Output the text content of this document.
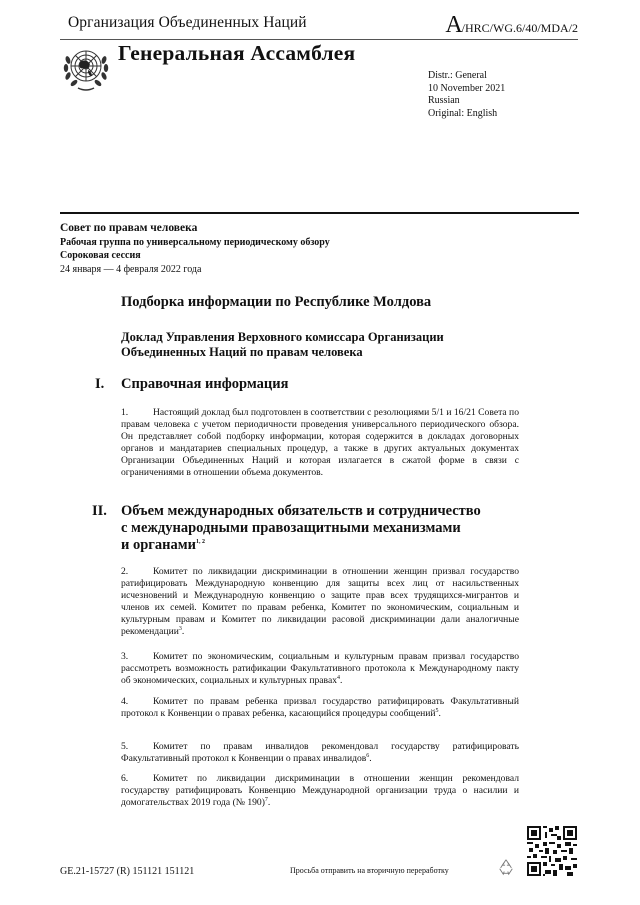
Организация Объединенных Наций	A/HRC/WG.6/40/MDA/2
Генеральная Ассамблея
Distr.: General
10 November 2021
Russian
Original: English
Совет по правам человека
Рабочая группа по универсальному периодическому обзору
Сороковая сессия
24 января — 4 февраля 2022 года
Подборка информации по Республике Молдова
Доклад Управления Верховного комиссара Организации
Объединенных Наций по правам человека
I. Справочная информация
1.	Настоящий доклад был подготовлен в соответствии с резолюциями 5/1 и 16/21 Совета по правам человека с учетом периодичности проведения универсального периодического обзора. Он представляет собой подборку информации, которая содержится в докладах договорных органов и мандатариев специальных процедур, а также в других актуальных документах Организации Объединенных Наций и которая излагается в сжатой форме в связи с ограничениями в отношении объема документов.
II. Объем международных обязательств и сотрудничество
с международными правозащитными механизмами
и органами$^{1, 2}$
2.	Комитет по ликвидации дискриминации в отношении женщин призвал государство ратифицировать Международную конвенцию для защиты всех лиц от насильственных исчезновений и Международную конвенцию о защите прав всех трудящихся-мигрантов и членов их семей. Комитет по правам ребенка, Комитет по экономическим, социальным и культурным правам и Комитет по ликвидации расовой дискриминации дали аналогичные рекомендации$^3$.
3.	Комитет по экономическим, социальным и культурным правам призвал государство рассмотреть возможность ратификации Факультативного протокола к Международному пакту об экономических, социальных и культурных правах$^4$.
4.	Комитет по правам ребенка призвал государство ратифицировать Факультативный протокол к Конвенции о правах ребенка, касающийся процедуры сообщений$^5$.
5.	Комитет по правам инвалидов рекомендовал государству ратифицировать Факультативный протокол к Конвенции о правах инвалидов$^6$.
6.	Комитет по ликвидации дискриминации в отношении женщин рекомендовал государству ратифицировать Конвенцию Международной организации труда о насилии и домогательствах 2019 года (№ 190)$^7$.
GE.21-15727 (R) 151121 151121	Просьба отправить на вторичную переработку
